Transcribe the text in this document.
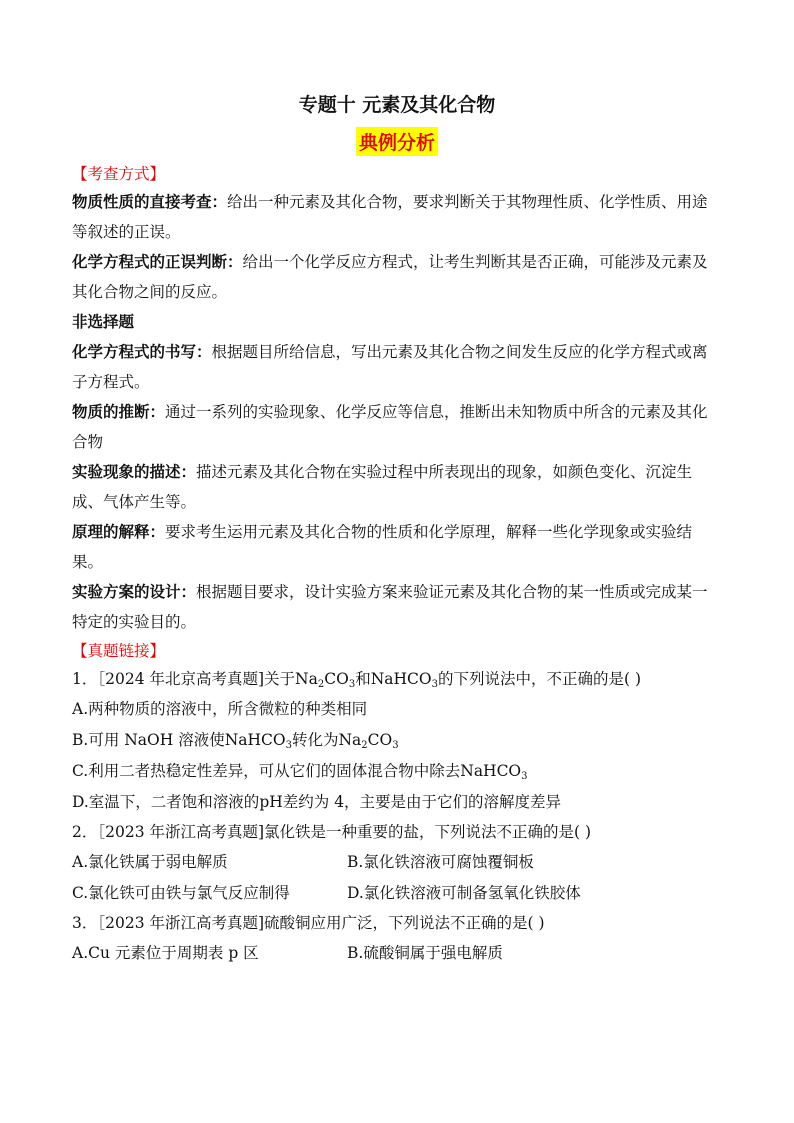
专题十 元素及其化合物
典例分析

【考查方式】

物质性质的直接考查：给出一种元素及其化合物，要求判断关于其物理性质、化学性质、用途等叙述的正误。

化学方程式的正误判断：给出一个化学反应方程式，让考生判断其是否正确，可能涉及元素及其化合物之间的反应。

非选择题

化学方程式的书写：根据题目所给信息，写出元素及其化合物之间发生反应的化学方程式或离子方程式。

物质的推断：通过一系列的实验现象、化学反应等信息，推断出未知物质中所含的元素及其化合物

实验现象的描述：描述元素及其化合物在实验过程中所表现出的现象，如颜色变化、沉淀生成、气体产生等。

原理的解释：要求考生运用元素及其化合物的性质和化学原理，解释一些化学现象或实验结果。

实验方案的设计：根据题目要求，设计实验方案来验证元素及其化合物的某一性质或完成某一特定的实验目的。

【真题链接】

1．［2024 年北京高考真题]关于$Na_2CO_3$和NaHCO$_3$的下列说法中，不正确的是( )

A.两种物质的溶液中，所含微粒的种类相同

B.可用 NaOH 溶液使NaHCO$_3$转化为$Na_2CO_3$

C.利用二者热稳定性差异，可从它们的固体混合物中除去NaHCO$_3$

D.室温下，二者饱和溶液的pH差约为 4，主要是由于它们的溶解度差异

2．［2023 年浙江高考真题]氯化铁是一种重要的盐，下列说法不正确的是( )

A.氯化铁属于弱电解质	B.氯化铁溶液可腐蚀覆铜板
C.氯化铁可由铁与氯气反应制得	D.氯化铁溶液可制备氢氧化铁胶体

3．［2023 年浙江高考真题]硫酸铜应用广泛，下列说法不正确的是( )

A.Cu 元素位于周期表 p 区	B.硫酸铜属于强电解质
